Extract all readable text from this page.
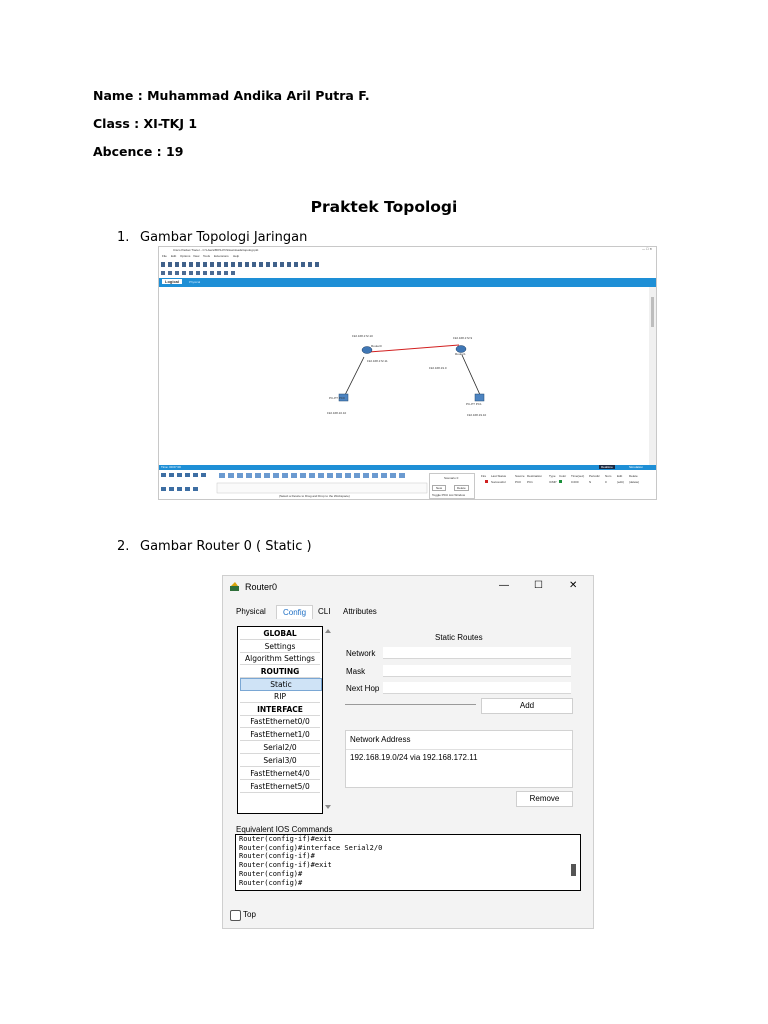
Name : Muhammad Andika Aril Putra F.
Class : XI-TKJ 1
Abcence : 19
Praktek Topologi
1. Gambar Topologi Jaringan
Cisco Packet Tracer - C:\Users\BOS-PC\Downloads\topologi.pkt	— ☐ ✕
File Edit Options View Tools Extensions Help
Logical	Physical
192.168.172.10
Router0
192.168.172.11
192.168.172.9
Router1
192.168.19.0
PC-PT PC0
192.168.10.10
PC-PT PC1
192.168.19.10
Time: 00:07:00	Realtime	Simulation
(Select a Device to Drag and Drop to the Workspace)
Scenario 0
New	Delete
Toggle PDU List Window
Fire Last Status	Source Destination Type Color Time(sec) Periodic Num Edit Delete
Successful	PC0 PC1	ICMP	0.000	N	0	(edit) (delete)
2. Gambar Router 0 ( Static )
Router0	—	☐	✕
Physical	Config	CLI Attributes
GLOBAL
Settings
Algorithm Settings
ROUTING
Static
RIP
INTERFACE
FastEthernet0/0
FastEthernet1/0
Serial2/0
Serial3/0
FastEthernet4/0
FastEthernet5/0
Static Routes
Network
Mask
Next Hop
Add
Network Address
192.168.19.0/24 via 192.168.172.11
Remove
Equivalent IOS Commands
Router(config-if)#exit
Router(config)#interface Serial2/0
Router(config-if)#
Router(config-if)#exit
Router(config)#
Router(config)#
Top
